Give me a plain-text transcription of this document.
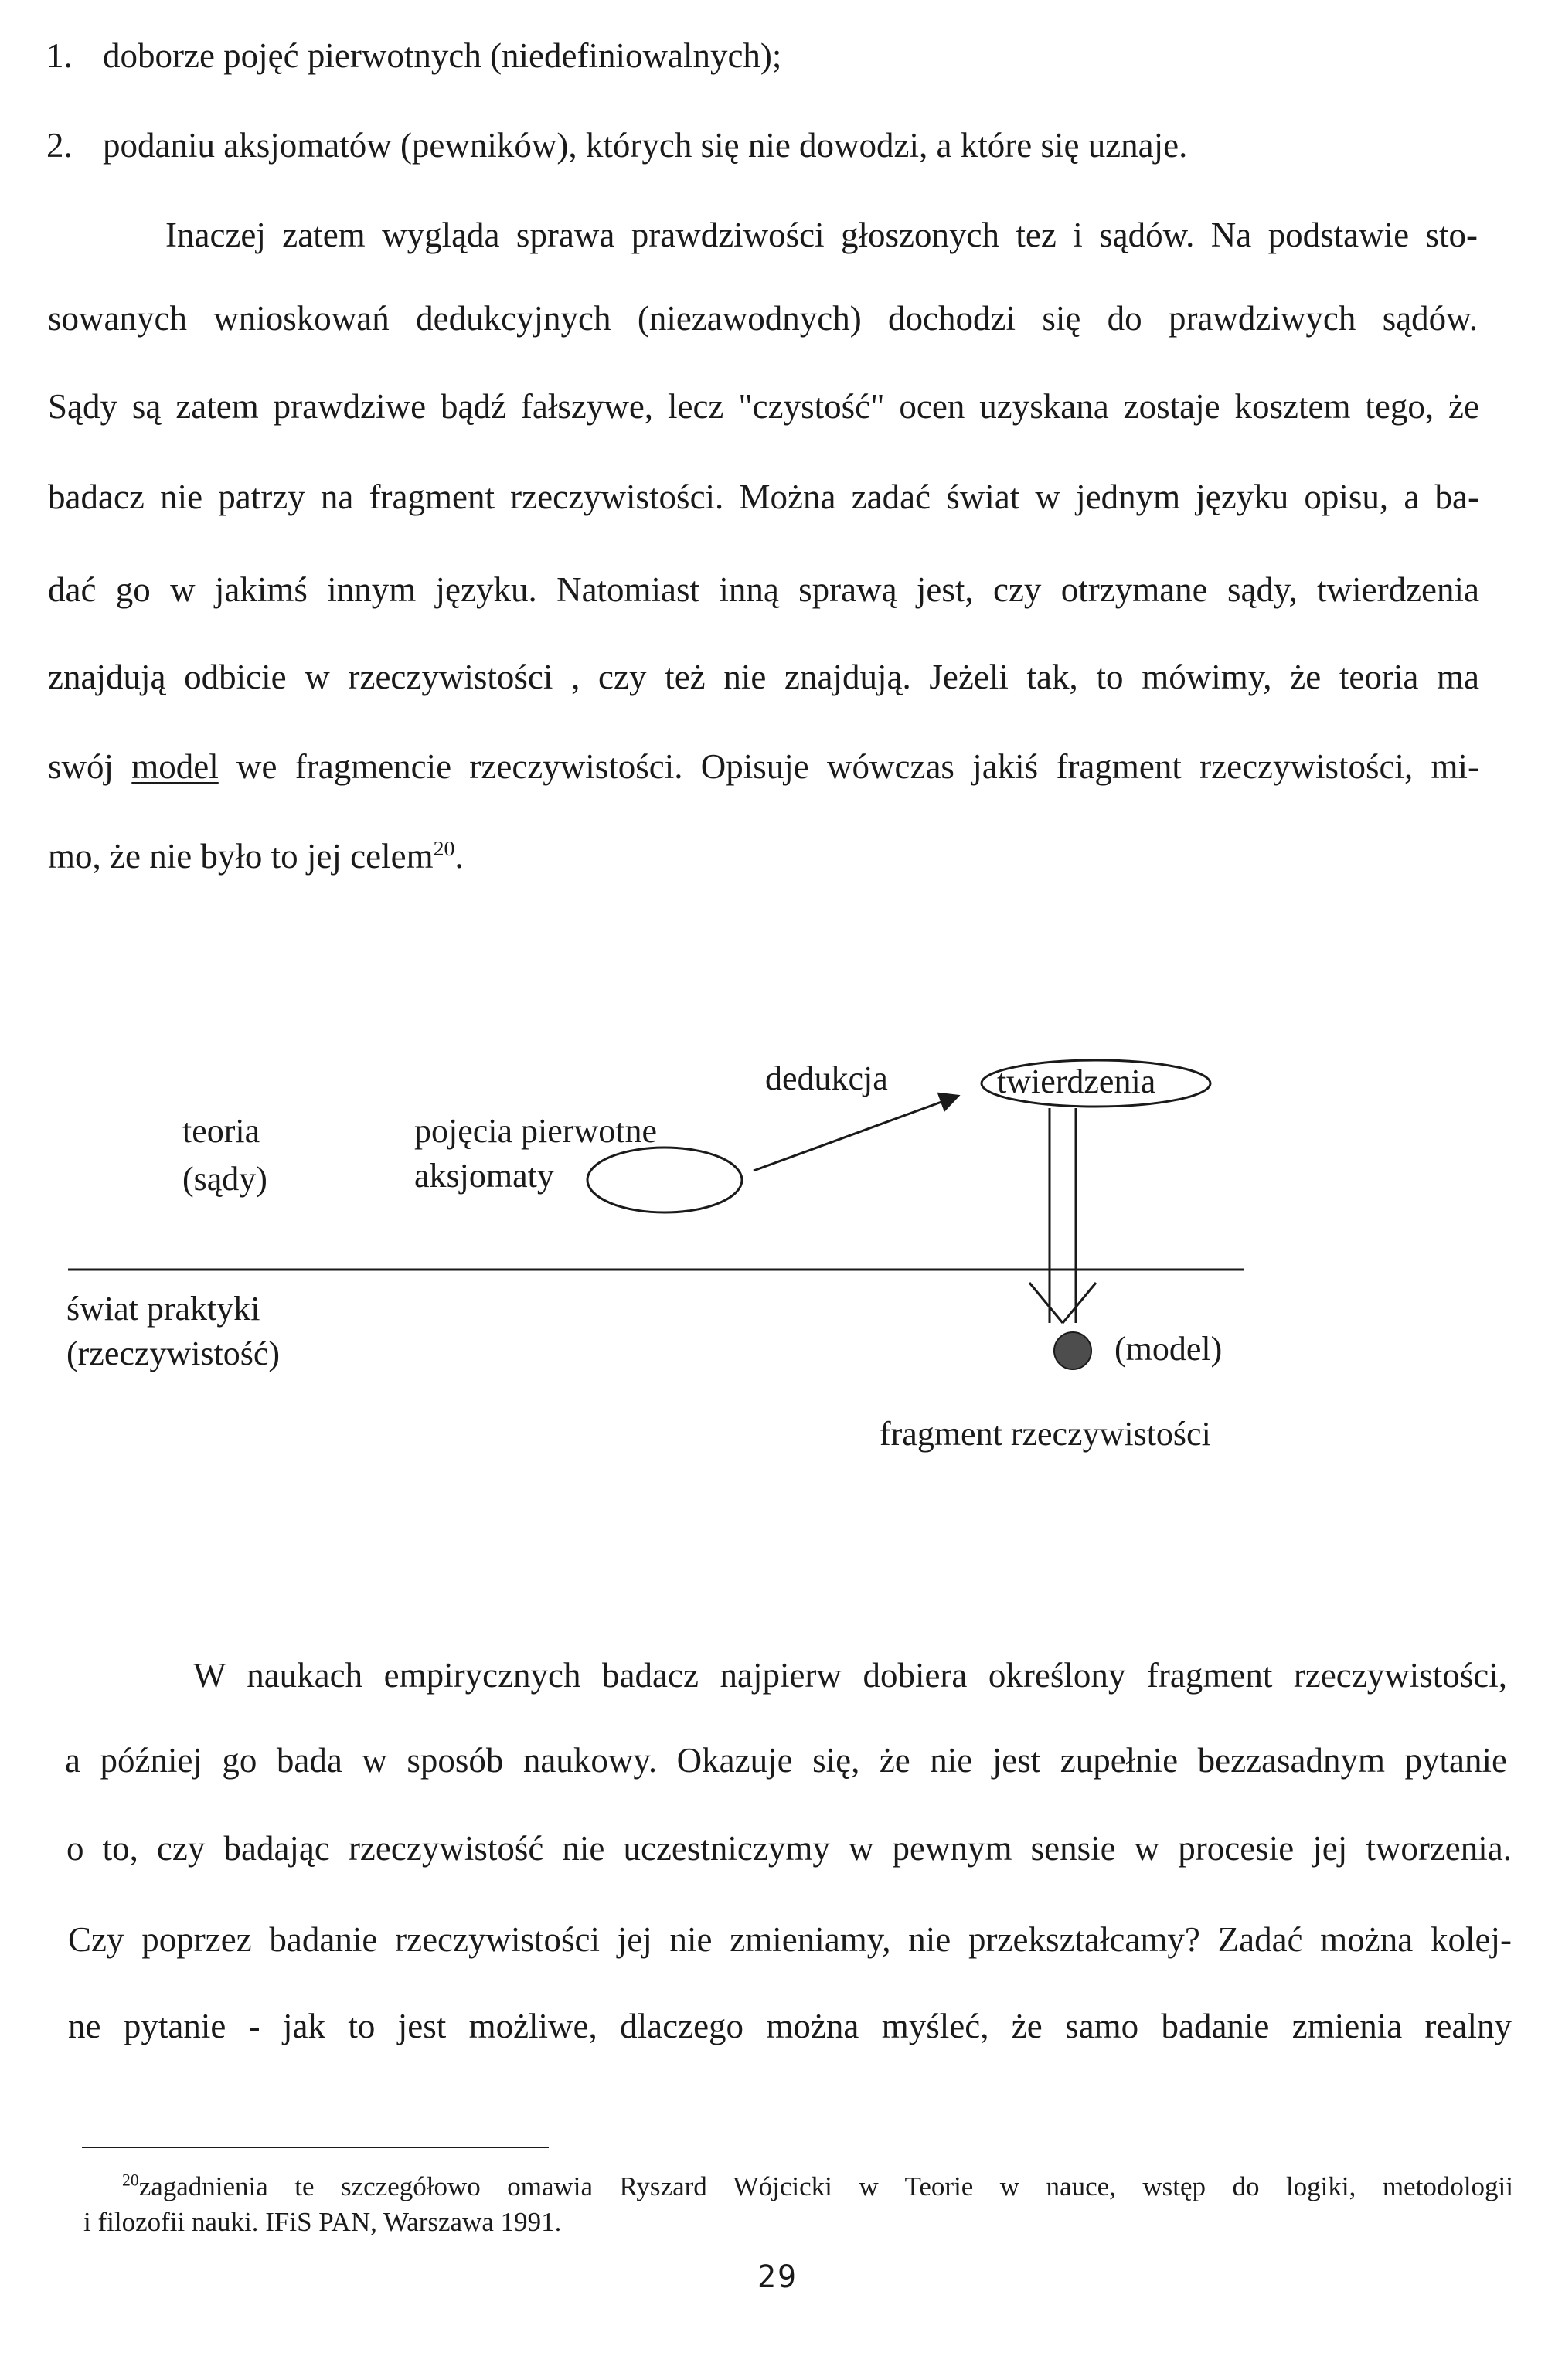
1. doborze pojęć pierwotnych (niedefiniowalnych);
2. podaniu aksjomatów (pewników), których się nie dowodzi, a które się uznaje.
Inaczej zatem wygląda sprawa prawdziwości głoszonych tez i sądów. Na podstawie sto-
sowanych wnioskowań dedukcyjnych (niezawodnych) dochodzi się do prawdziwych sądów.
Sądy są zatem prawdziwe bądź fałszywe, lecz "czystość" ocen uzyskana zostaje kosztem tego, że
badacz nie patrzy na fragment rzeczywistości. Można zadać świat w jednym języku opisu, a ba-
dać go w jakimś innym języku. Natomiast inną sprawą jest, czy otrzymane sądy, twierdzenia
znajdują odbicie w rzeczywistości , czy też nie znajdują. Jeżeli tak, to mówimy, że teoria ma
swój model we fragmencie rzeczywistości. Opisuje wówczas jakiś fragment rzeczywistości, mi-
mo, że nie było to jej celem$^{20}$.
teoria
(sądy)
pojęcia pierwotne
aksjomaty
dedukcja	twierdzenia
świat praktyki
(rzeczywistość)	(model)
fragment rzeczywistości
W naukach empirycznych badacz najpierw dobiera określony fragment rzeczywistości,
a później go bada w sposób naukowy. Okazuje się, że nie jest zupełnie bezzasadnym pytanie
o to, czy badając rzeczywistość nie uczestniczymy w pewnym sensie w procesie jej tworzenia.
Czy poprzez badanie rzeczywistości jej nie zmieniamy, nie przekształcamy? Zadać można kolej-
ne pytanie - jak to jest możliwe, dlaczego można myśleć, że samo badanie zmienia realny
$^{20}$zagadnienia te szczegółowo omawia Ryszard Wójcicki w Teorie w nauce, wstęp do logiki, metodologii
i filozofii nauki. IFiS PAN, Warszawa 1991.
29
